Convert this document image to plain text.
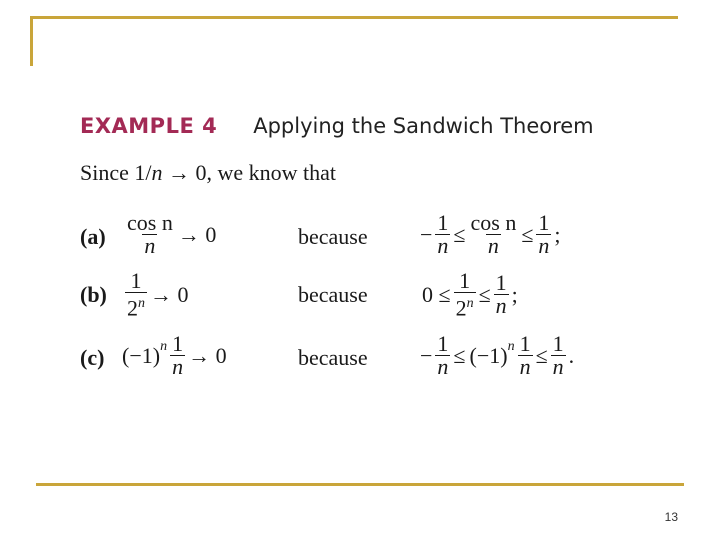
EXAMPLE 4 Applying the Sandwich Theorem
Since 1/n → 0, we know that
$(a) \frac{\text{cos n}}{n} \to 0$	because − $\frac{1}{n} \le \frac{\text{cos n}}{n} \le \frac{1}{n}$ ;
$(b) \frac{1}{2^n} \to 0$	because $0 \le \frac{1}{2^n} \le \frac{1}{n}$ ;
(c) $(-1)^n \frac{1}{n} \to 0$	because − $\frac{1}{n} \le (-1)^n \frac{1}{n} \le \frac{1}{n}$ .
13
